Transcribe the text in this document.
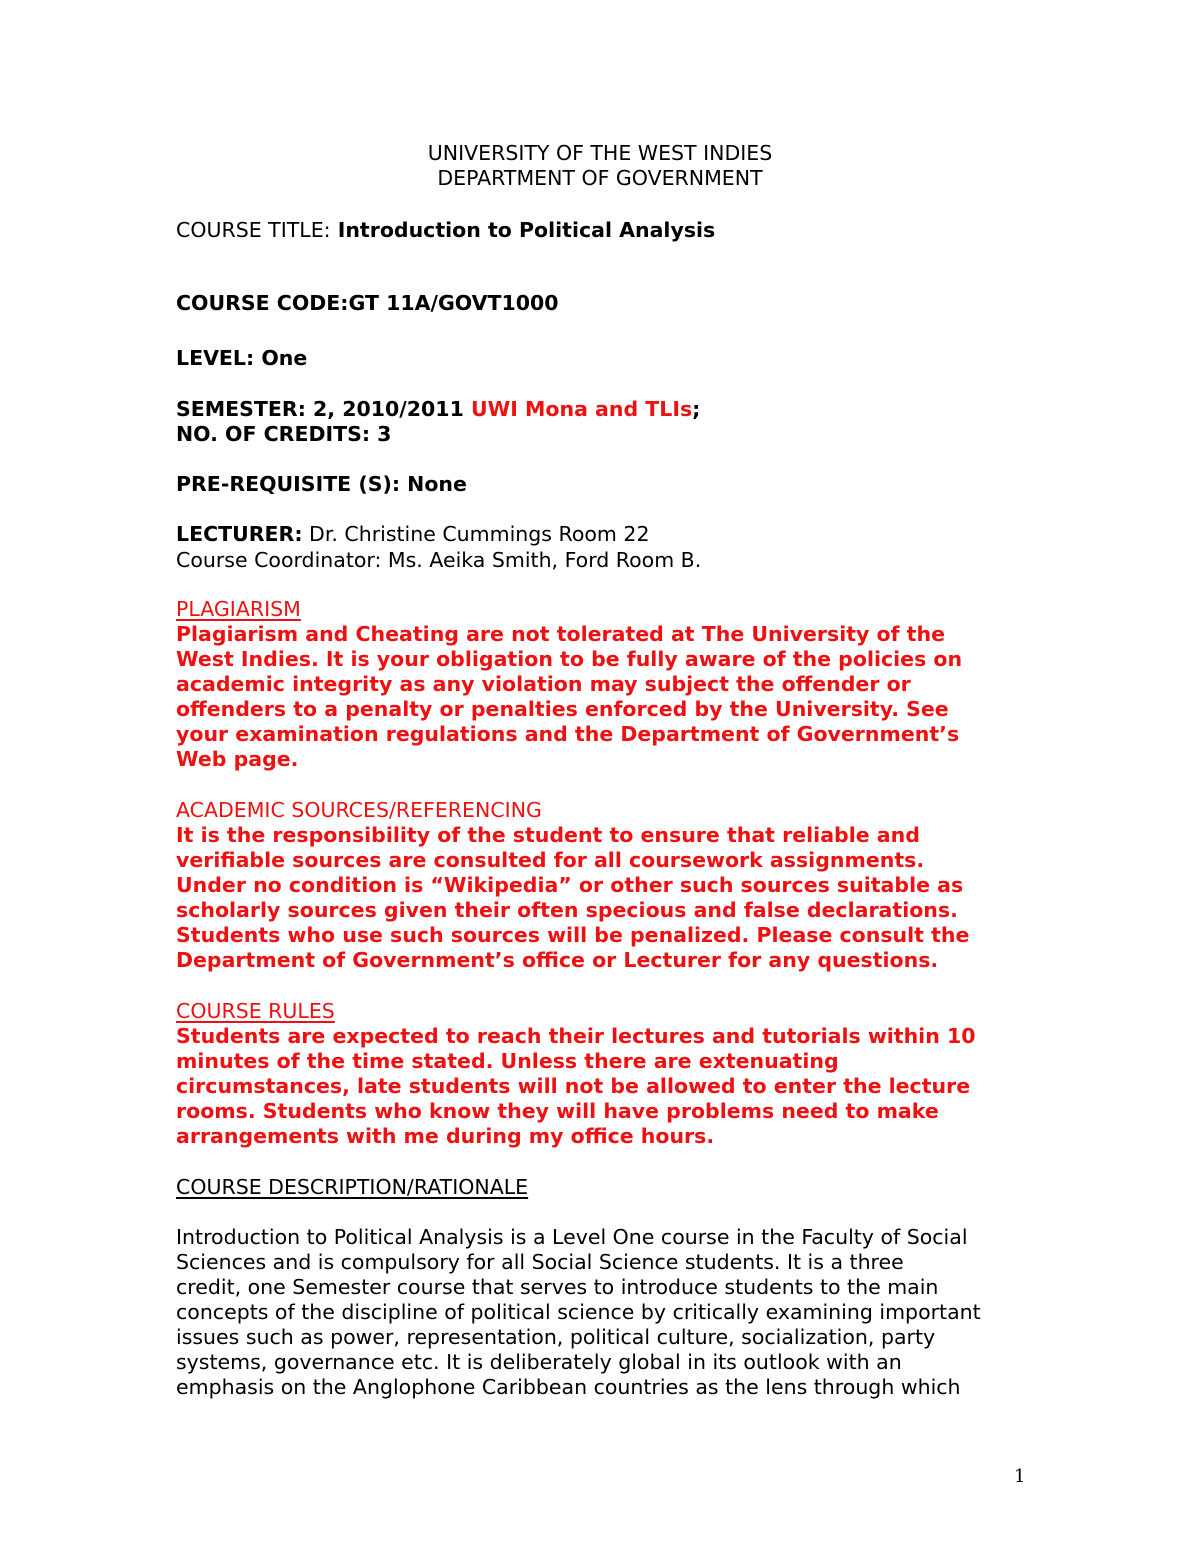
UNIVERSITY OF THE WEST INDIES
DEPARTMENT OF GOVERNMENT
COURSE TITLE: Introduction to Political Analysis
COURSE CODE:GT 11A/GOVT1000
LEVEL: One
SEMESTER: 2, 2010/2011 UWI Mona and TLIs;
NO. OF CREDITS: 3
PRE-REQUISITE (S): None
LECTURER: Dr. Christine Cummings Room 22
Course Coordinator: Ms. Aeika Smith, Ford Room B.
PLAGIARISM
Plagiarism and Cheating are not tolerated at The University of the
West Indies. It is your obligation to be fully aware of the policies on
academic integrity as any violation may subject the offender or
offenders to a penalty or penalties enforced by the University. See
your examination regulations and the Department of Government’s
Web page.
ACADEMIC SOURCES/REFERENCING
It is the responsibility of the student to ensure that reliable and
verifiable sources are consulted for all coursework assignments.
Under no condition is “Wikipedia” or other such sources suitable as
scholarly sources given their often specious and false declarations.
Students who use such sources will be penalized. Please consult the
Department of Government’s office or Lecturer for any questions.
COURSE RULES
Students are expected to reach their lectures and tutorials within 10
minutes of the time stated. Unless there are extenuating
circumstances, late students will not be allowed to enter the lecture
rooms. Students who know they will have problems need to make
arrangements with me during my office hours.
COURSE DESCRIPTION/RATIONALE
Introduction to Political Analysis is a Level One course in the Faculty of Social
Sciences and is compulsory for all Social Science students. It is a three
credit, one Semester course that serves to introduce students to the main
concepts of the discipline of political science by critically examining important
issues such as power, representation, political culture, socialization, party
systems, governance etc. It is deliberately global in its outlook with an
emphasis on the Anglophone Caribbean countries as the lens through which
1
